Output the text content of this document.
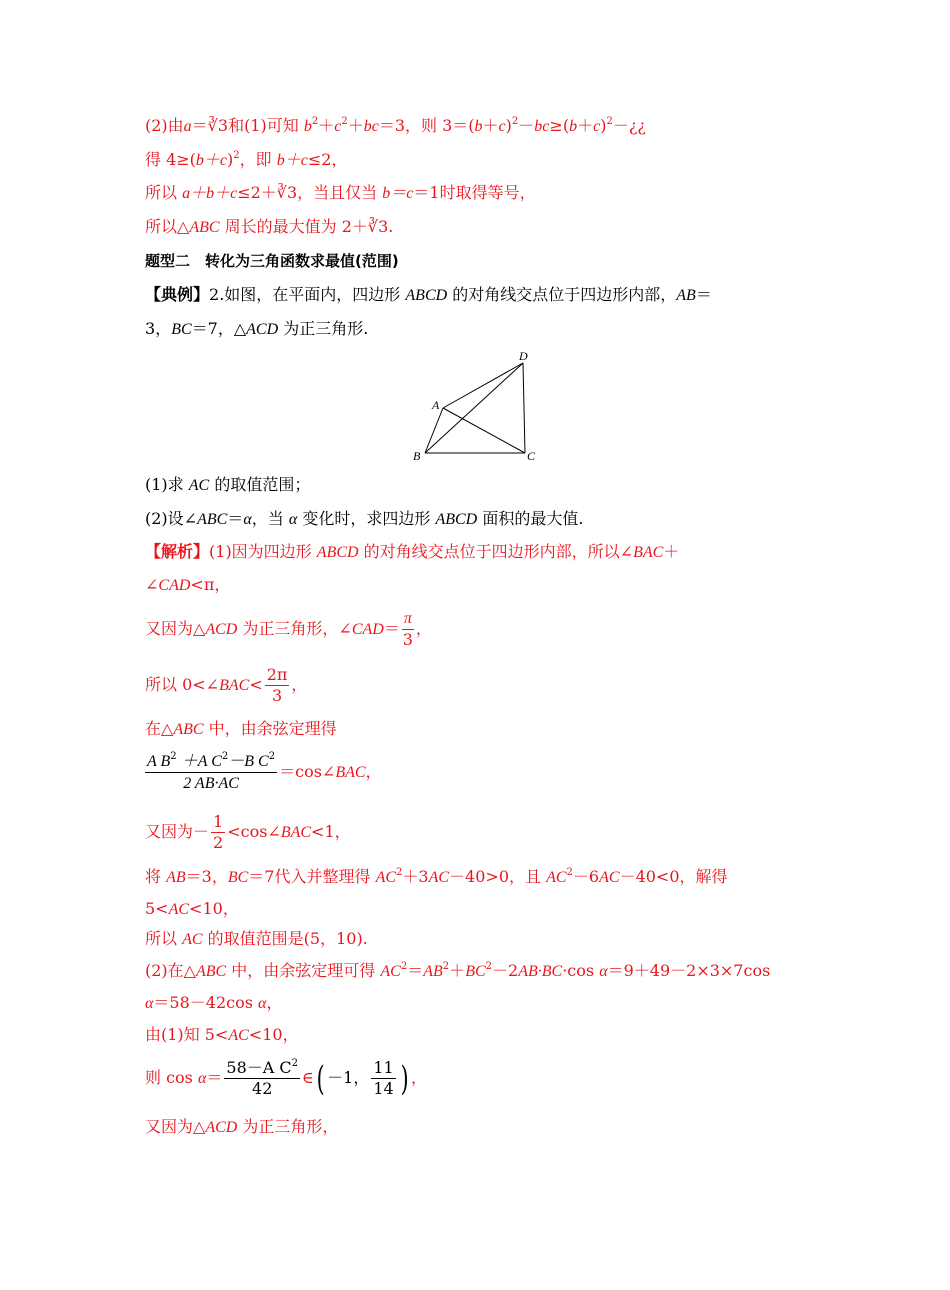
(2)由a＝∛3和(1)可知 $b^2+c^2+bc=3$，则 $3=(b+c)^2-bc\ge(b+c)^2-¿¿$
得 $4\ge(b+c)^2$，即 b＋c≤2，
所以 a＋b＋c≤2＋∛3，当且仅当 b＝c＝1时取得等号，
所以△ABC 周长的最大值为 2＋∛3.
题型二　转化为三角函数求最值(范围)
【典例】2.如图，在平面内，四边形 ABCD 的对角线交点位于四边形内部，AB＝
3，BC＝7，△ACD 为正三角形.
D
A
B	C
(1)求 AC 的取值范围；
(2)设∠ABC＝α，当 α 变化时，求四边形 ABCD 面积的最大值.
【解析】(1)因为四边形 ABCD 的对角线交点位于四边形内部，所以∠BAC＋
∠CAD<π，
又因为△ACD 为正三角形，∠CAD＝ $\frac{\pi}{3}$ ，
所以 0<∠BAC< $\frac{2\pi}{3}$ ，
在△ABC 中，由余弦定理得
$\frac{A B^2 +A C^2-B C^2}{2 AB\cdot AC}$ ＝cos∠BAC，
又因为－ $\frac{1}{2}$ <cos∠BAC<1，
将 AB＝3，BC＝7代入并整理得 $AC^2+3AC-40>0$，且 $AC^2-6AC-40<0$，解得
5<AC<10，
所以 AC 的取值范围是(5，10).
(2)在△ABC 中，由余弦定理可得 $AC^2=AB^2+BC^2-2AB\cdot BC\cdot\cos$ α＝9＋49－2×3×7cos
α＝58－42cos α，
由(1)知 5<AC<10，
则 $\cos \alpha= \frac{58-A C^2}{42}$ ∈( －1， $\frac{11}{14}$ ) ，
又因为△ACD 为正三角形，
